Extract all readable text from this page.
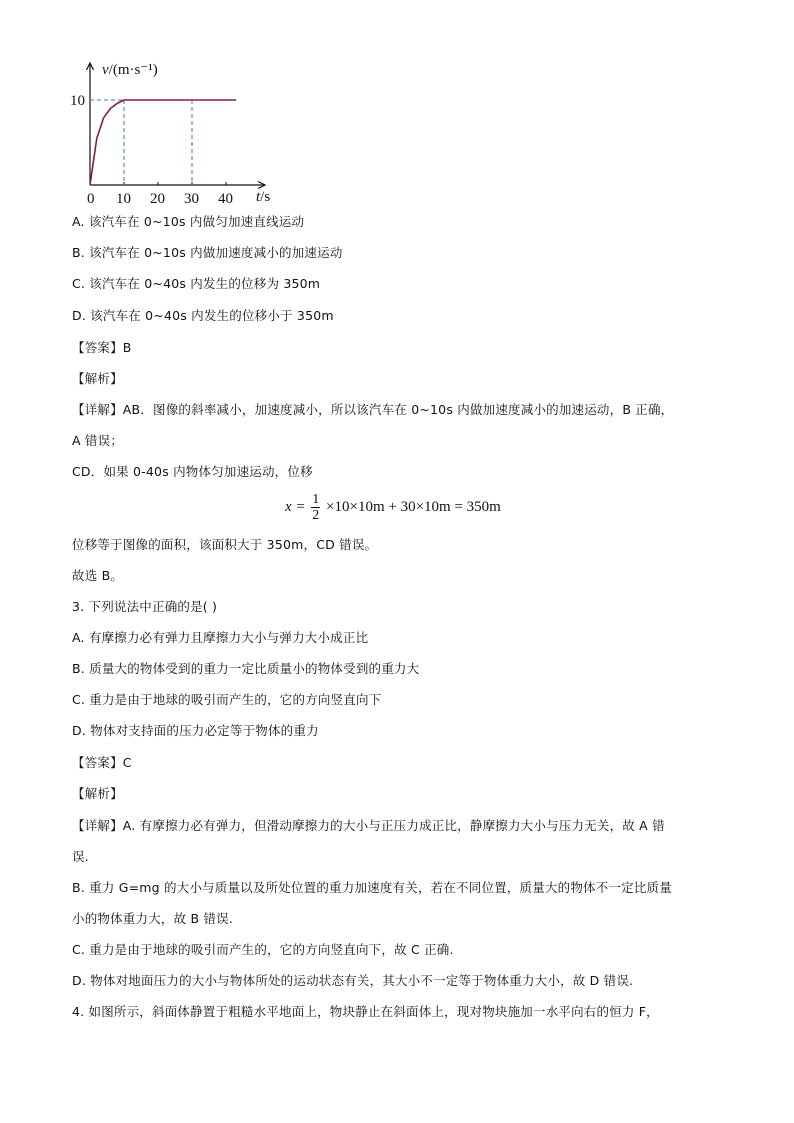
v/(m·s⁻¹)
t/s
10
0 10 20 30 40
A. 该汽车在 0~10s 内做匀加速直线运动
B. 该汽车在 0~10s 内做加速度减小的加速运动
C. 该汽车在 0~40s 内发生的位移为 350m
D. 该汽车在 0~40s 内发生的位移小于 350m
【答案】B
【解析】
【详解】AB．图像的斜率减小，加速度减小，所以该汽车在 0~10s 内做加速度减小的加速运动，B 正确，
A 错误；
CD．如果 0-40s 内物体匀加速运动，位移
$x = \frac{1}{2} \times 10\times 10m + 30\times 10m = 350m$
位移等于图像的面积，该面积大于 350m，CD 错误。
故选 B。
3. 下列说法中正确的是( )
A. 有摩擦力必有弹力且摩擦力大小与弹力大小成正比
B. 质量大的物体受到的重力一定比质量小的物体受到的重力大
C. 重力是由于地球的吸引而产生的，它的方向竖直向下
D. 物体对支持面的压力必定等于物体的重力
【答案】C
【解析】
【详解】A. 有摩擦力必有弹力，但滑动摩擦力的大小与正压力成正比，静摩擦力大小与压力无关，故 A 错
误.
B. 重力 G=mg 的大小与质量以及所处位置的重力加速度有关，若在不同位置，质量大的物体不一定比质量
小的物体重力大，故 B 错误.
C. 重力是由于地球的吸引而产生的，它的方向竖直向下，故 C 正确.
D. 物体对地面压力的大小与物体所处的运动状态有关，其大小不一定等于物体重力大小，故 D 错误.
4. 如图所示，斜面体静置于粗糙水平地面上，物块静止在斜面体上，现对物块施加一水平向右的恒力 F，
